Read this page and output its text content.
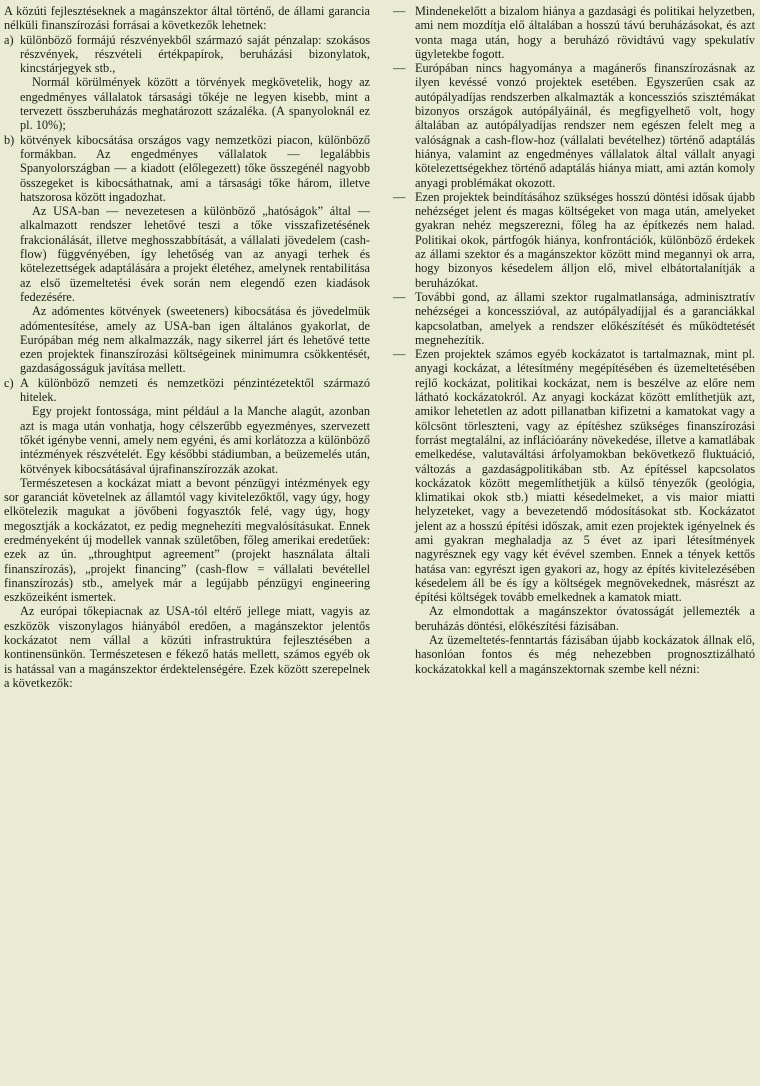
A közúti fejlesztéseknek a magánszektor által történő, de állami garancia nélküli finanszírozási forrásai a következők lehetnek:

a) különböző formájú részvényekből származó saját pénzalap: szokásos részvények, részvételi értékpapírok, beruházási bizonylatok, kincstárjegyek stb.,

Normál körülmények között a törvények megkövetelik, hogy az engedményes vállalatok társasági tőkéje ne legyen kisebb, mint a tervezett összberuházás meghatározott százaléka. (A spanyoloknál ez pl. 10%);

b) kötvények kibocsátása országos vagy nemzetközi piacon, különböző formákban. Az engedményes vállalatok — legalábbis Spanyolországban — a kiadott (előlegezett) tőke összegénél nagyobb összegeket is kibocsáthatnak, ami a társasági tőke három, illetve hatszorosa között ingadozhat.

Az USA-ban — nevezetesen a különböző „hatóságok” által — alkalmazott rendszer lehetővé teszi a tőke visszafizetésének frakcionálását, illetve meghosszabbítását, a vállalati jövedelem (cash-flow) függvényében, így lehetőség van az anyagi terhek és kötelezettségek adaptálására a projekt életéhez, amelynek rentabilitása az első üzemeltetési évek során nem elegendő ezen kiadások fedezésére.

Az adómentes kötvények (sweeteners) kibocsátása és jövedelmük adómentesítése, amely az USA-ban igen általános gyakorlat, de Európában még nem alkalmazzák, nagy sikerrel járt és lehetővé tette ezen projektek finanszírozási költségeinek minimumra csökkentését, gazdaságosságuk javítása mellett.

c) A különböző nemzeti és nemzetközi pénzintézetektől származó hitelek.

Egy projekt fontossága, mint például a la Manche alagút, azonban azt is maga után vonhatja, hogy célszerűbb egyezményes, szervezett tőkét igénybe venni, amely nem egyéni, és ami korlátozza a különböző intézmények részvételét. Egy későbbi stádiumban, a beüzemelés után, kötvények kibocsátásával újrafinanszírozzák azokat.

Természetesen a kockázat miatt a bevont pénzügyi intézmények egy sor garanciát követelnek az államtól vagy kivitelezőktől, vagy úgy, hogy elkötelezik magukat a jövőbeni fogyasztók felé, vagy úgy, hogy megosztják a kockázatot, ez pedig megnehezíti megvalósításukat. Ennek eredményeként új modellek vannak születőben, főleg amerikai eredetűek: ezek az ún. „throughtput agreement” (projekt használata általi finanszírozás), „projekt financing” (cash-flow = vállalati bevétellel finanszírozás) stb., amelyek már a legújabb pénzügyi engineering eszközeiként ismertek.

Az európai tőkepiacnak az USA-tól eltérő jellege miatt, vagyis az eszközök viszonylagos hiányából eredően, a magánszektor jelentős kockázatot nem vállal a közúti infrastruktúra fejlesztésében a kontinensünkön. Természetesen e fékező hatás mellett, számos egyéb ok is hatással van a magánszektor érdektelenségére. Ezek között szerepelnek a következők:

— Mindenekelőtt a bizalom hiánya a gazdasági és politikai helyzetben, ami nem mozdítja elő általában a hosszú távú beruházásokat, és azt vonta maga után, hogy a beruházó rövidtávú vagy spekulatív ügyletekbe fogott.
— Európában nincs hagyománya a magánerős finanszírozásnak az ilyen kevéssé vonzó projektek esetében. Egyszerűen csak az autópályadíjas rendszerben alkalmazták a koncessziós szisztémákat bizonyos országok autópályáinál, és megfigyelhető volt, hogy általában az autópályadíjas rendszer nem egészen felelt meg a valóságnak a cash-flow-hoz (vállalati bevételhez) történő adaptálás hiánya, valamint az engedményes vállalatok által vállalt anyagi kötelezettségekhez történő adaptálás hiánya miatt, ami aztán komoly anyagi problémákat okozott.
— Ezen projektek beindításához szükséges hosszú döntési idősak újabb nehézséget jelent és magas költségeket von maga után, amelyeket gyakran nehéz megszerezni, főleg ha az építkezés nem halad. Politikai okok, pártfogók hiánya, konfrontációk, különböző érdekek az állami szektor és a magánszektor között mind megannyi ok arra, hogy bizonyos késedelem álljon elő, mivel elbátortalanítják a beruházókat.
— További gond, az állami szektor rugalmatlansága, adminisztratív nehézségei a koncesszióval, az autópályadíjjal és a garanciákkal kapcsolatban, amelyek a rendszer előkészítését és működtetését megnehezítik.
— Ezen projektek számos egyéb kockázatot is tartalmaznak, mint pl. anyagi kockázat, a létesítmény megépítésében és üzemeltetésében rejlő kockázat, politikai kockázat, nem is beszélve az előre nem látható kockázatokról. Az anyagi kockázat között említhetjük azt, amikor lehetetlen az adott pillanatban kifizetni a kamatokat vagy a kölcsönt törleszteni, vagy az építéshez szükséges finanszírozási forrást megtalálni, az inflációarány növekedése, illetve a kamatlábak emelkedése, valutaváltási árfolyamokban bekövetkező fluktuáció, változás a gazdaságpolitikában stb. Az építéssel kapcsolatos kockázatok között megemlíthetjük a külső tényezők (geológia, klimatikai okok stb.) miatti késedelmeket, a vis maior miatti helyzeteket, vagy a bevezetendő módosításokat stb. Kockázatot jelent az a hosszú építési időszak, amit ezen projektek igényelnek és ami gyakran meghaladja az 5 évet az ipari létesítmények nagyrésznek egy vagy két évével szemben. Ennek a tények kettős hatása van: egyrészt igen gyakori az, hogy az építés kivitelezésében késedelem áll be és így a költségek megnövekednek, másrészt az építési költségek tovább emelkednek a kamatok miatt.

Az elmondottak a magánszektor óvatosságát jellemezték a beruházás döntési, előkészítési fázisában.

Az üzemeltetés-fenntartás fázisában újabb kockázatok állnak elő, hasonlóan fontos és még nehezebben prognosztizálható kockázatokkal kell a magánszektornak szembe kell nézni:
